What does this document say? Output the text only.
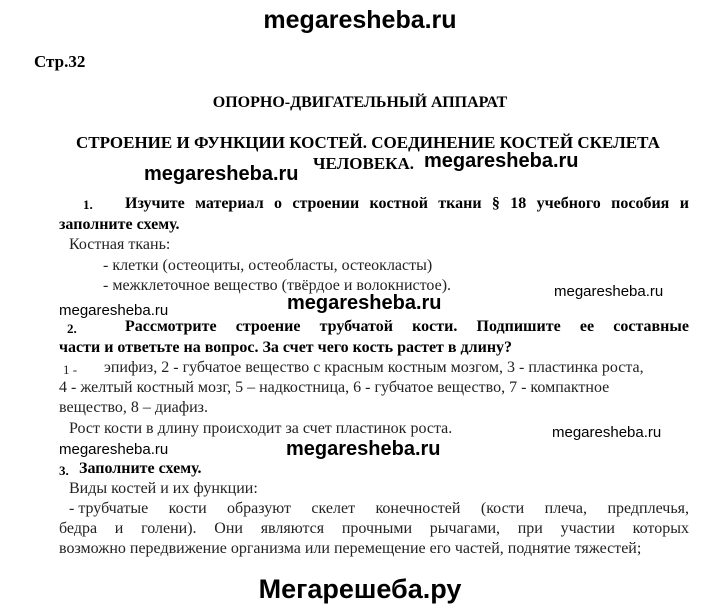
megaresheba.ru
Стр.32
ОПОРНО-ДВИГАТЕЛЬНЫЙ АППАРАТ
СТРОЕНИЕ И ФУНКЦИИ КОСТЕЙ. СОЕДИНЕНИЕ КОСТЕЙ СКЕЛЕТА
ЧЕЛОВЕКА.
megaresheba.ru
megaresheba.ru
1. Изучите материал о строении костной ткани § 18 учебного пособия и
заполните схему.
Костная ткань:
- клетки (остеоциты, остеобласты, остеокласты)
- межклеточное вещество (твёрдое и волокнистое).
megaresheba.ru	megaresheba.ru
megaresheba.ru
2.	Рассмотрите строение трубчатой кости. Подпишите ее составные
части и ответьте на вопрос. За счет чего кость растет в длину?
1 - эпифиз, 2 - губчатое вещество с красным костным мозгом, 3 - пластинка роста,
4 - желтый костный мозг, 5 – надкостница, 6 - губчатое вещество, 7 - компактное
вещество, 8 – диафиз.
Рост кости в длину происходит за счет пластинок роста.
megaresheba.ru	megaresheba.ru
megaresheba.ru
3. Заполните схему.
Виды костей и их функции:
- трубчатые кости образуют скелет конечностей (кости плеча, предплечья,
бедра и голени). Они являются прочными рычагами, при участии которых
возможно передвижение организма или перемещение его частей, поднятие тяжестей;
Мегарешеба.ру
